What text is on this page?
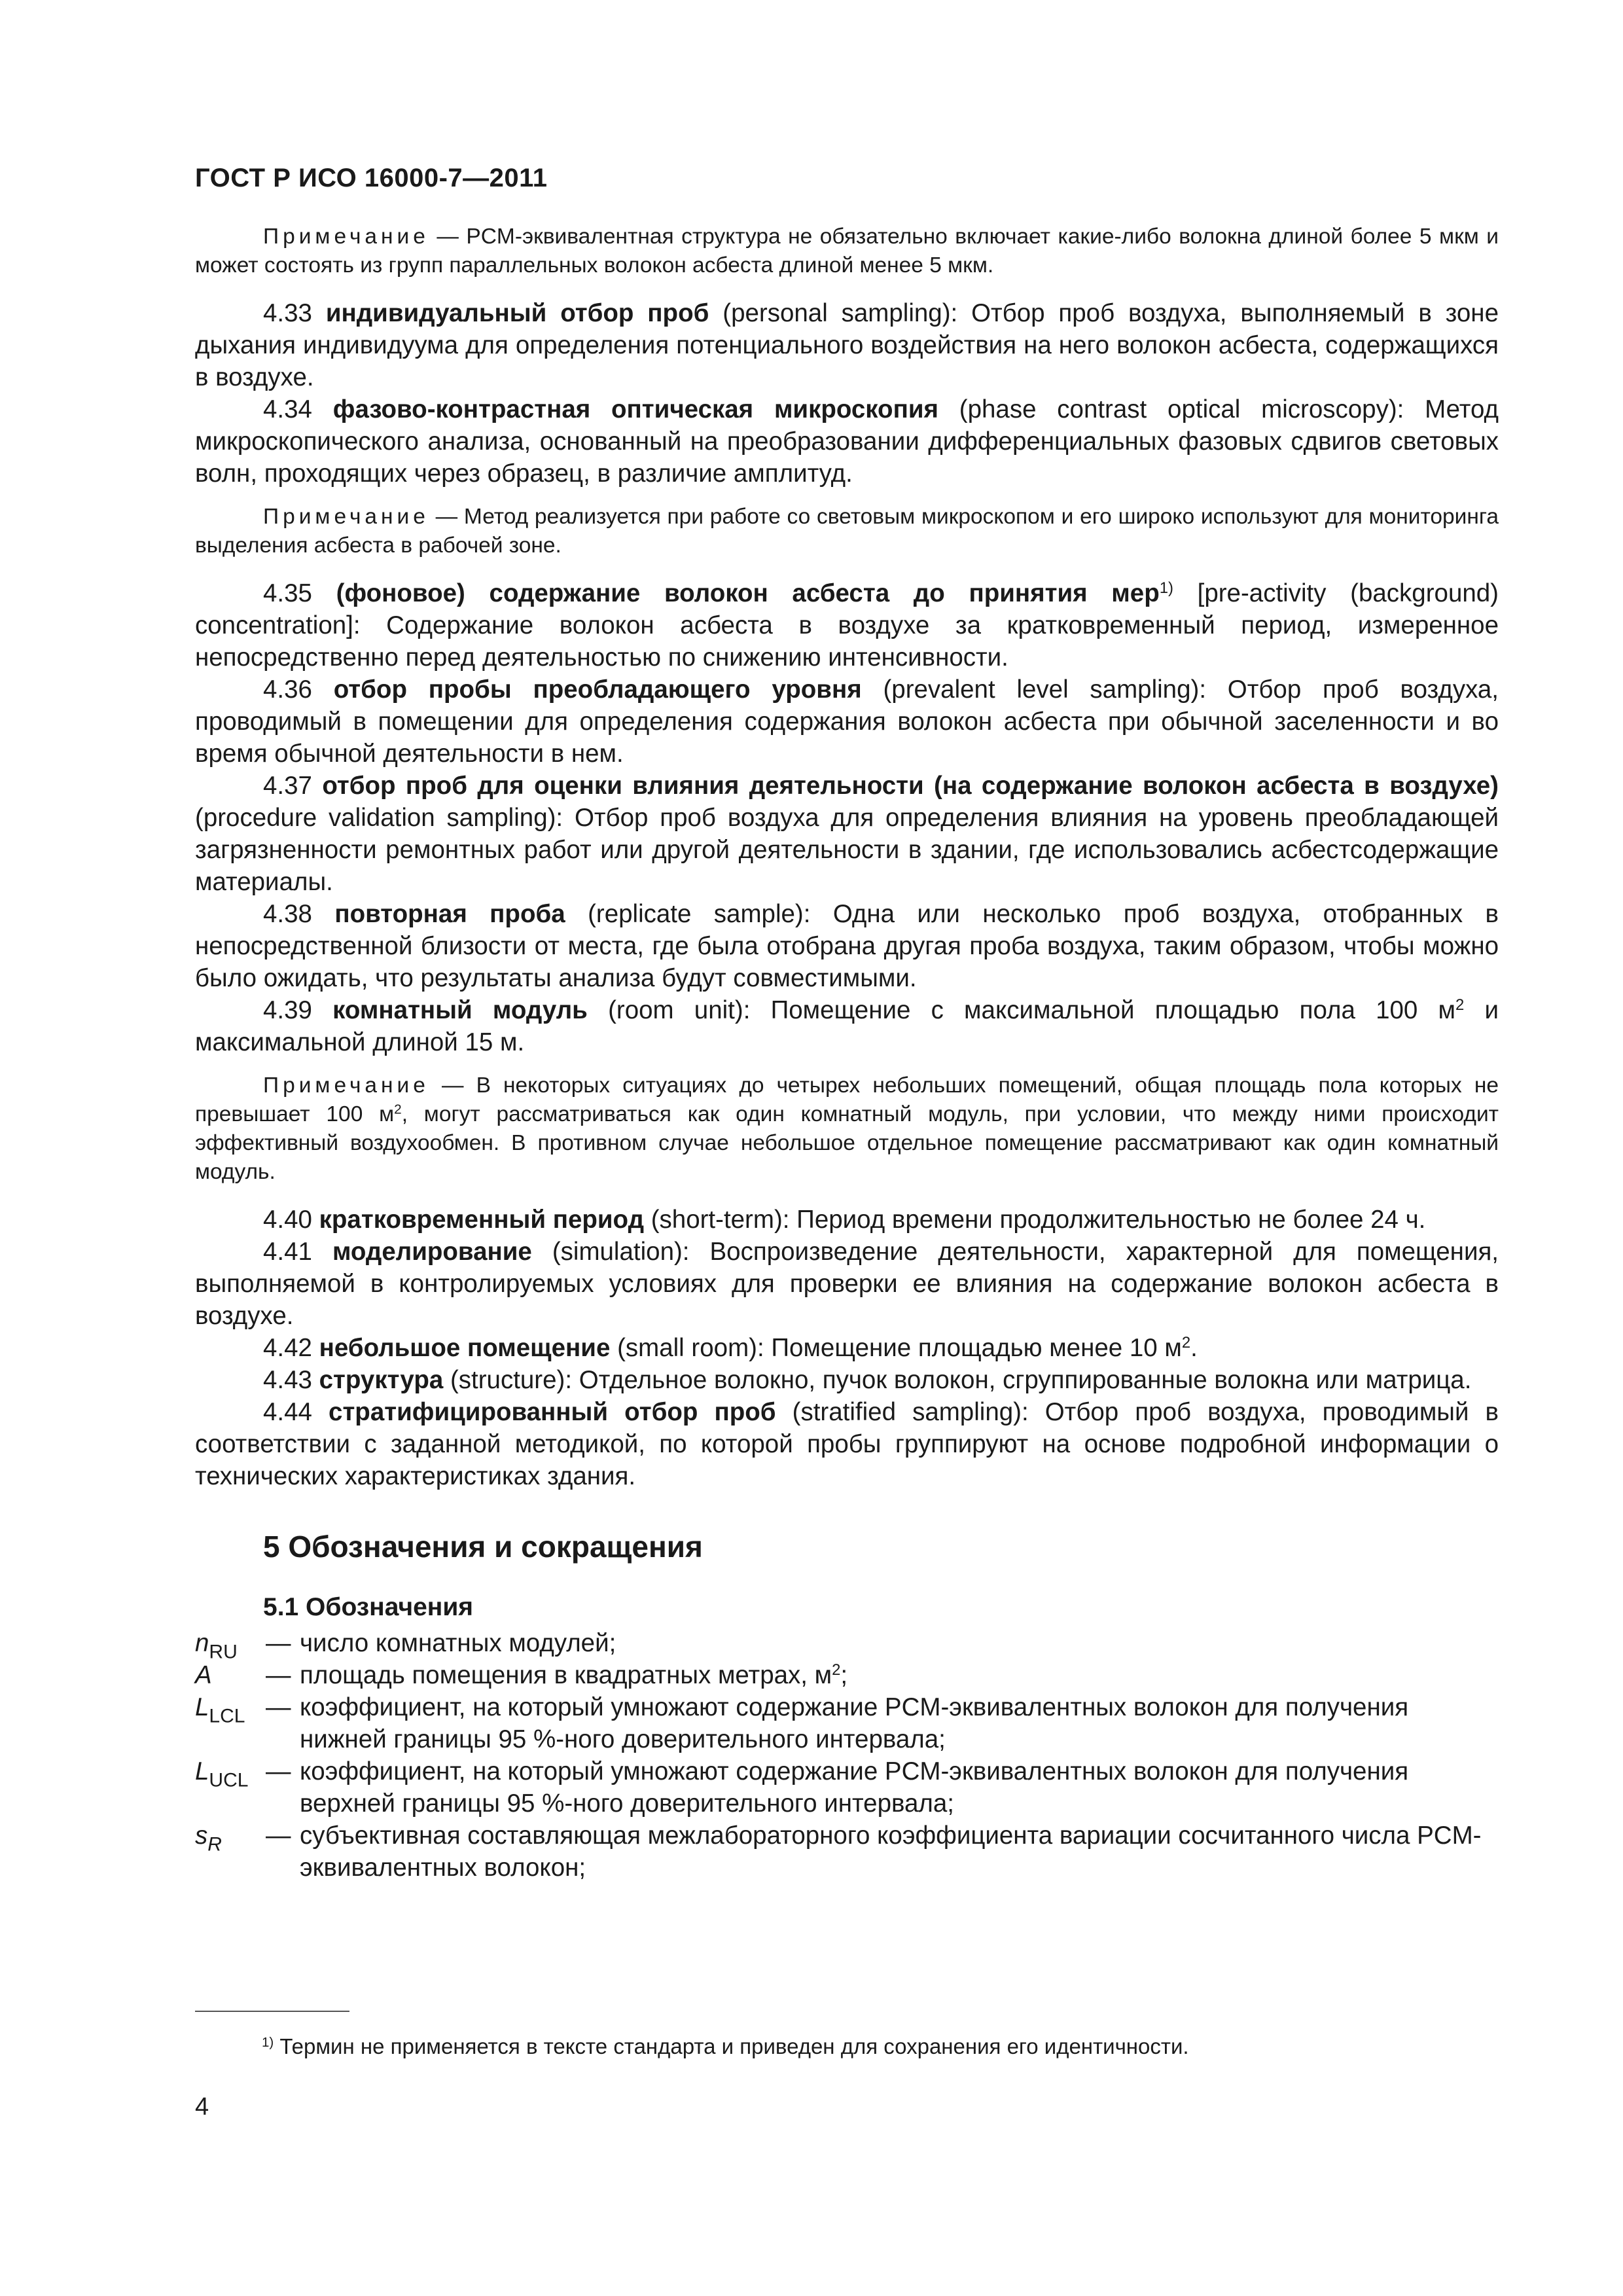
ГОСТ Р ИСО 16000-7—2011

Примечание — PCM-эквивалентная структура не обязательно включает какие-либо волокна длиной более 5 мкм и может состоять из групп параллельных волокон асбеста длиной менее 5 мкм.

4.33 индивидуальный отбор проб (personal sampling): Отбор проб воздуха, выполняемый в зоне дыхания индивидуума для определения потенциального воздействия на него волокон асбеста, содержащихся в воздухе.

4.34 фазово-контрастная оптическая микроскопия (phase contrast optical microscopy): Метод микроскопического анализа, основанный на преобразовании дифференциальных фазовых сдвигов световых волн, проходящих через образец, в различие амплитуд.

Примечание — Метод реализуется при работе со световым микроскопом и его широко используют для мониторинга выделения асбеста в рабочей зоне.

4.35 (фоновое) содержание волокон асбеста до принятия мер$^{1)}$ [pre-activity (background) concentration]: Содержание волокон асбеста в воздухе за кратковременный период, измеренное непосредственно перед деятельностью по снижению интенсивности.

4.36 отбор пробы преобладающего уровня (prevalent level sampling): Отбор проб воздуха, проводимый в помещении для определения содержания волокон асбеста при обычной заселенности и во время обычной деятельности в нем.

4.37 отбор проб для оценки влияния деятельности (на содержание волокон асбеста в воздухе) (procedure validation sampling): Отбор проб воздуха для определения влияния на уровень преобладающей загрязненности ремонтных работ или другой деятельности в здании, где использовались асбестсодержащие материалы.

4.38 повторная проба (replicate sample): Одна или несколько проб воздуха, отобранных в непосредственной близости от места, где была отобрана другая проба воздуха, таким образом, чтобы можно было ожидать, что результаты анализа будут совместимыми.

4.39 комнатный модуль (room unit): Помещение с максимальной площадью пола 100 $м^2$ и максимальной длиной 15 м.

Примечание — В некоторых ситуациях до четырех небольших помещений, общая площадь пола которых не превышает 100 $м^2$, могут рассматриваться как один комнатный модуль, при условии, что между ними происходит эффективный воздухообмен. В противном случае небольшое отдельное помещение рассматривают как один комнатный модуль.

4.40 кратковременный период (short-term): Период времени продолжительностью не более 24 ч.

4.41 моделирование (simulation): Воспроизведение деятельности, характерной для помещения, выполняемой в контролируемых условиях для проверки ее влияния на содержание волокон асбеста в воздухе.

4.42 небольшое помещение (small room): Помещение площадью менее 10 $м^2$.

4.43 структура (structure): Отдельное волокно, пучок волокон, сгруппированные волокна или матрица.

4.44 стратифицированный отбор проб (stratified sampling): Отбор проб воздуха, проводимый в соответствии с заданной методикой, по которой пробы группируют на основе подробной информации о технических характеристиках здания.

5 Обозначения и сокращения
5.1 Обозначения
$n_{RU}$	— число комнатных модулей;
A	— площадь помещения в квадратных метрах, $м^2$;
$L_{LCL}$ — коэффициент, на который умножают содержание PCM-эквивалентных волокон для получения нижней границы 95 %-ного доверительного интервала;
$L_{UCL}$ — коэффициент, на который умножают содержание PCM-эквивалентных волокон для получения верхней границы 95 %-ного доверительного интервала;
$s_R$	— субъективная составляющая межлабораторного коэффициента вариации сосчитанного числа PCM-эквивалентных волокон;
$^{1)}$ Термин не применяется в тексте стандарта и приведен для сохранения его идентичности.
4
